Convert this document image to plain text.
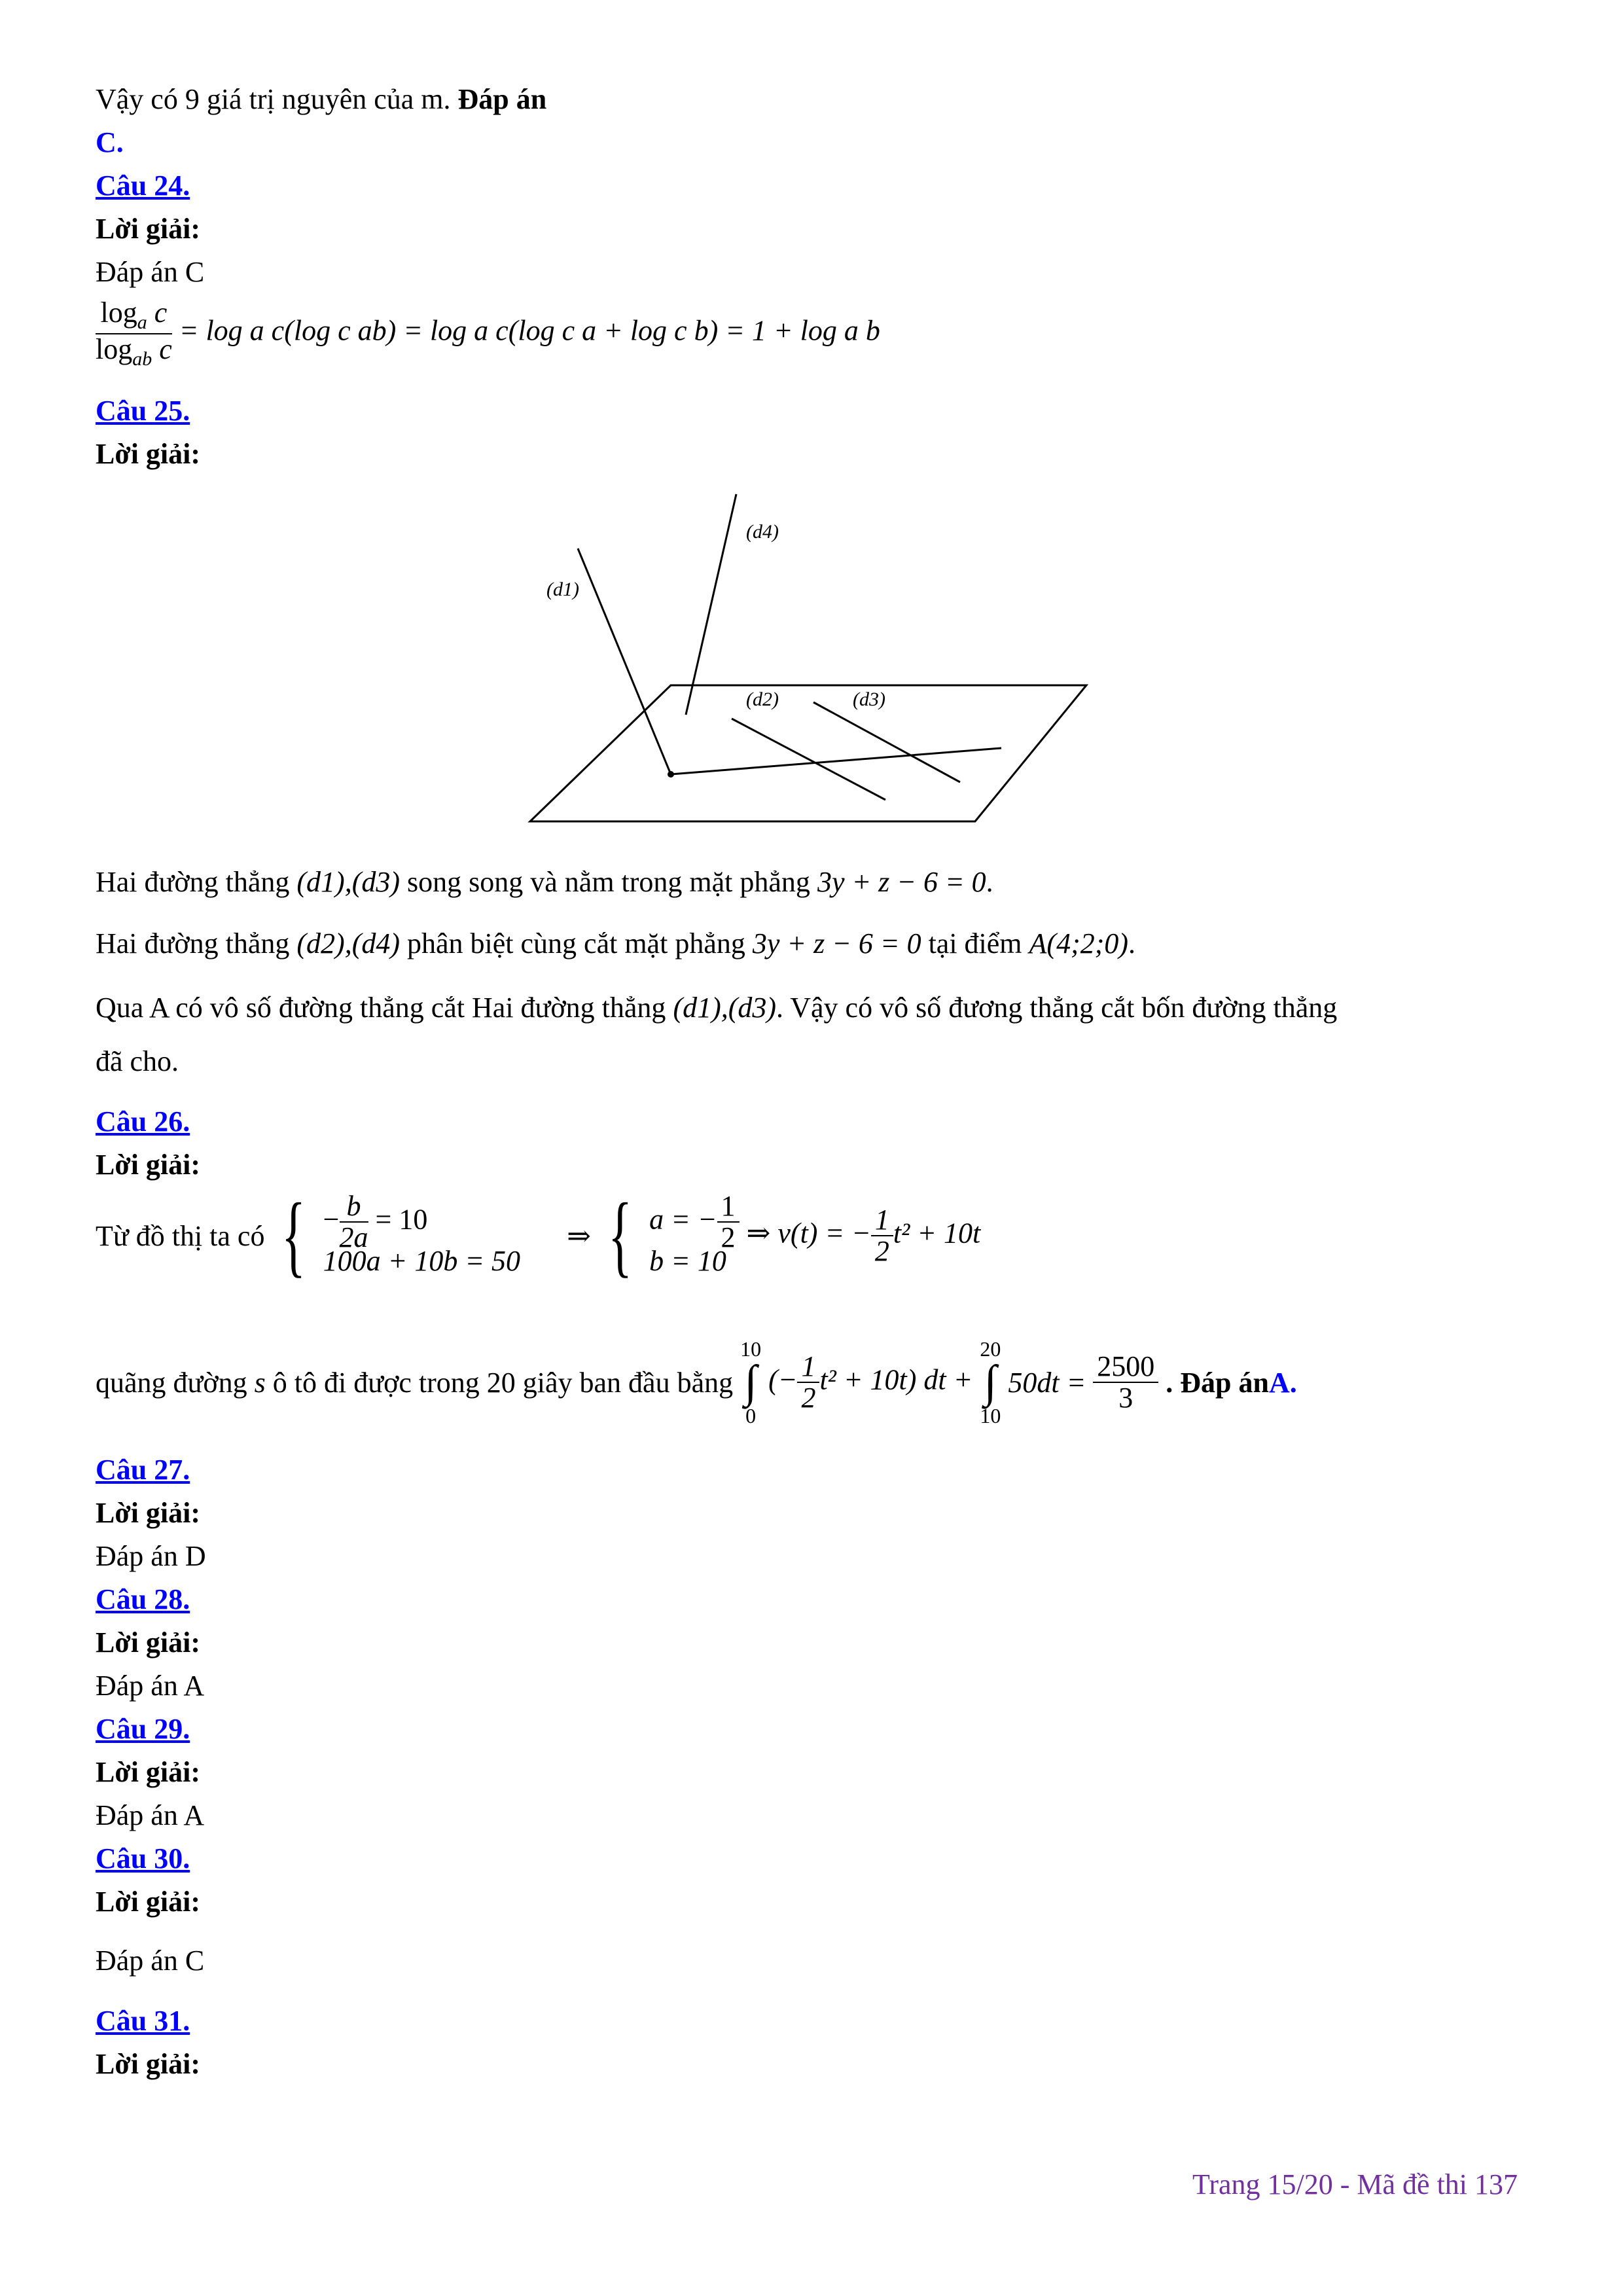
Vậy có 9 giá trị nguyên của m. Đáp án
C.
Câu 24.
Lời giải:
Đáp án C
$\frac{\log_a c}{\log_{ab} c} = \log a$ c(log c ab) = log a c(log c a + log c b) = 1 + log a b
Câu 25.
Lời giải:
(d4)
(d1)
(d2)	(d3)
Hai đường thẳng (d1),(d3) song song và nằm trong mặt phẳng 3y + z − 6 = 0.
Hai đường thẳng (d2),(d4) phân biệt cùng cắt mặt phẳng 3y + z − 6 = 0 tại điểm A(4;2;0).
Qua A có vô số đường thẳng cắt Hai đường thẳng (d1),(d3). Vậy có vô số đương thẳng cắt bốn đường thẳng
đã cho.
Câu 26.
Lời giải:
Từ đồ thị ta có { − $\frac{b}{2a} = 10$
100a + 10b = 50
⇒ { a = − $\frac{1}{2}$
b = 10
⇒ v(t) = − $\frac{1}{2} t^2 + 10t$
quãng đường s ô tô đi được trong 20 giây ban đầu bằng
10
∫
0
(− $\frac{1}{2} t^2 + 10t$) dt +
20
∫
10
$50dt = \frac{2500}{3}$ . Đáp ánA.
Câu 27.
Lời giải:
Đáp án D
Câu 28.
Lời giải:
Đáp án A
Câu 29.
Lời giải:
Đáp án A
Câu 30.
Lời giải:
Đáp án C
Câu 31.
Lời giải:
Trang 15/20 - Mã đề thi 137
